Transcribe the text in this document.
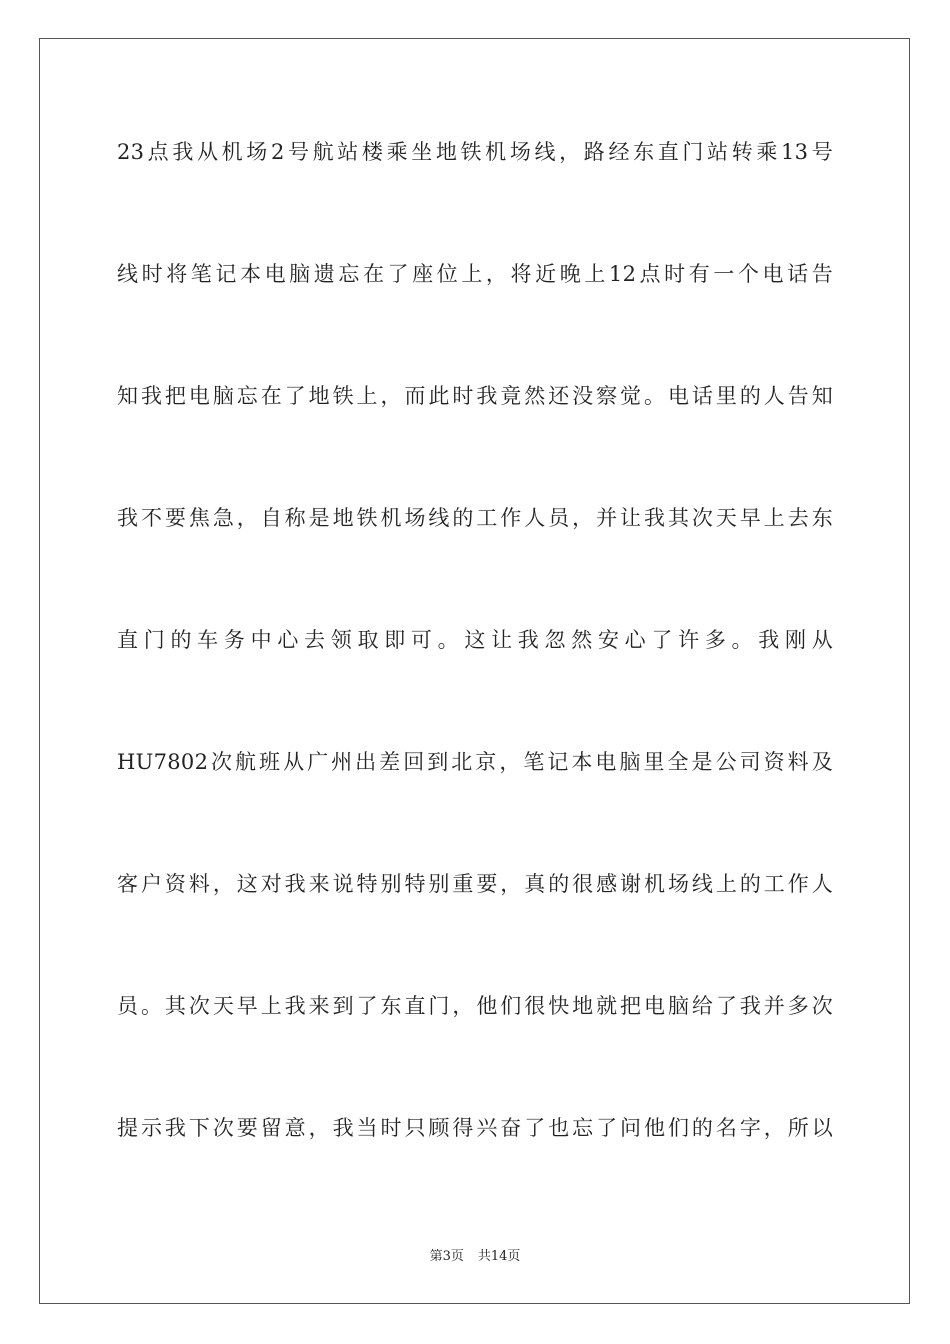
23点我从机场2号航站楼乘坐地铁机场线，路经东直门站转乘13号
线时将笔记本电脑遗忘在了座位上，将近晚上12点时有一个电话告
知我把电脑忘在了地铁上，而此时我竟然还没察觉。电话里的人告知
我不要焦急，自称是地铁机场线的工作人员，并让我其次天早上去东
直门的车务中心去领取即可。这让我忽然安心了许多。我刚从
HU7802次航班从广州出差回到北京，笔记本电脑里全是公司资料及
客户资料，这对我来说特别特别重要，真的很感谢机场线上的工作人
员。其次天早上我来到了东直门，他们很快地就把电脑给了我并多次
提示我下次要留意，我当时只顾得兴奋了也忘了问他们的名字，所以
第3页 共14页
